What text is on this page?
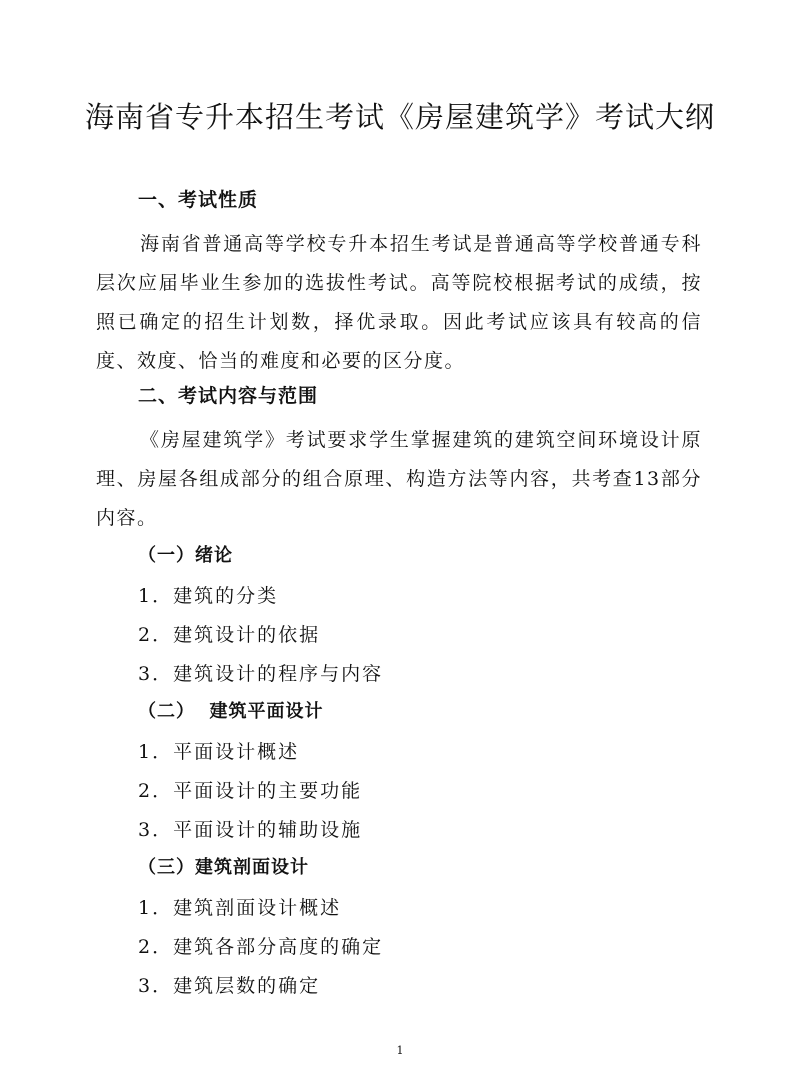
海南省专升本招生考试《房屋建筑学》考试大纲
一、考试性质
海南省普通高等学校专升本招生考试是普通高等学校普通专科层次应届毕业生参加的选拔性考试。高等院校根据考试的成绩，按照已确定的招生计划数，择优录取。因此考试应该具有较高的信度、效度、恰当的难度和必要的区分度。
二、考试内容与范围
《房屋建筑学》考试要求学生掌握建筑的建筑空间环境设计原理、房屋各组成部分的组合原理、构造方法等内容，共考查13部分内容。
（一）绪论
1．建筑的分类
2．建筑设计的依据
3．建筑设计的程序与内容
（二）  建筑平面设计
1．平面设计概述
2．平面设计的主要功能
3．平面设计的辅助设施
（三）建筑剖面设计
1．建筑剖面设计概述
2．建筑各部分高度的确定
3．建筑层数的确定
1
